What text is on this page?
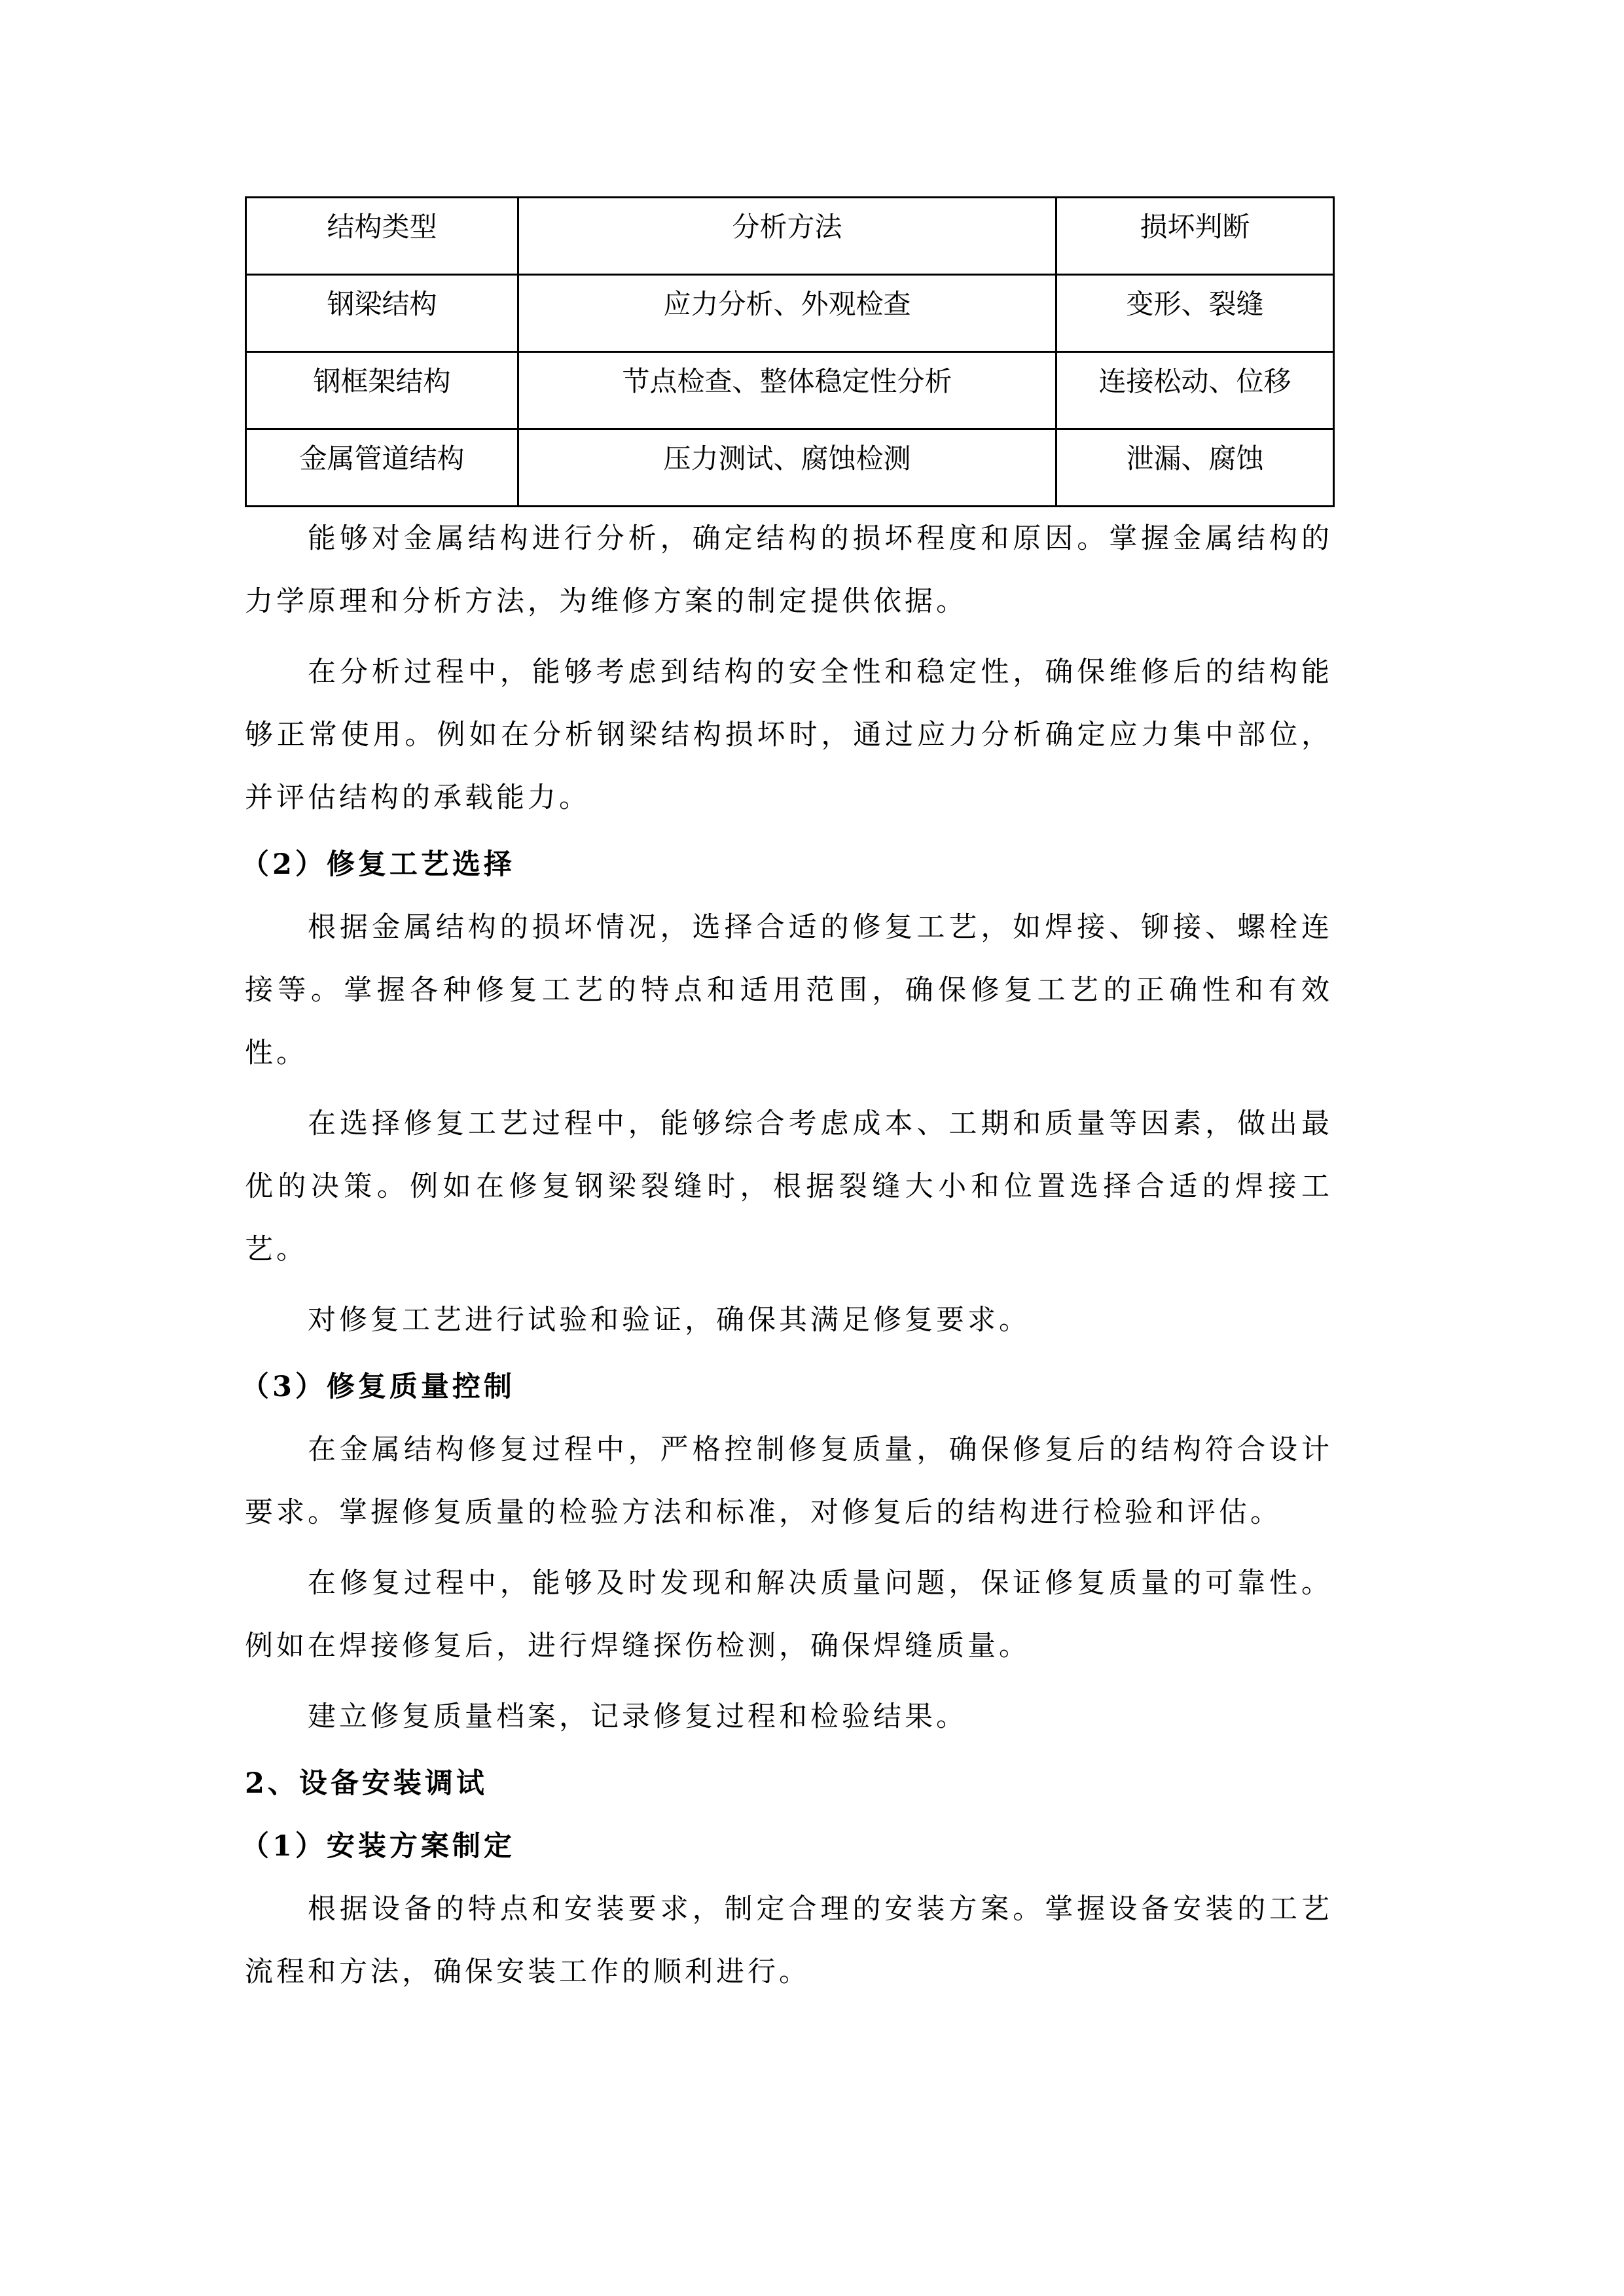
结构类型	分析方法	损坏判断
钢梁结构	应力分析、外观检查	变形、裂缝
钢框架结构	节点检查、整体稳定性分析	连接松动、位移
金属管道结构	压力测试、腐蚀检测	泄漏、腐蚀

能够对金属结构进行分析，确定结构的损坏程度和原因。掌握金属结构的力学原理和分析方法，为维修方案的制定提供依据。

在分析过程中，能够考虑到结构的安全性和稳定性，确保维修后的结构能够正常使用。例如在分析钢梁结构损坏时，通过应力分析确定应力集中部位，并评估结构的承载能力。

（2）修复工艺选择

根据金属结构的损坏情况，选择合适的修复工艺，如焊接、铆接、螺栓连接等。掌握各种修复工艺的特点和适用范围，确保修复工艺的正确性和有效性。

在选择修复工艺过程中，能够综合考虑成本、工期和质量等因素，做出最优的决策。例如在修复钢梁裂缝时，根据裂缝大小和位置选择合适的焊接工艺。

对修复工艺进行试验和验证，确保其满足修复要求。

（3）修复质量控制

在金属结构修复过程中，严格控制修复质量，确保修复后的结构符合设计要求。掌握修复质量的检验方法和标准，对修复后的结构进行检验和评估。

在修复过程中，能够及时发现和解决质量问题，保证修复质量的可靠性。例如在焊接修复后，进行焊缝探伤检测，确保焊缝质量。

建立修复质量档案，记录修复过程和检验结果。

2、设备安装调试
（1）安装方案制定

根据设备的特点和安装要求，制定合理的安装方案。掌握设备安装的工艺流程和方法，确保安装工作的顺利进行。
